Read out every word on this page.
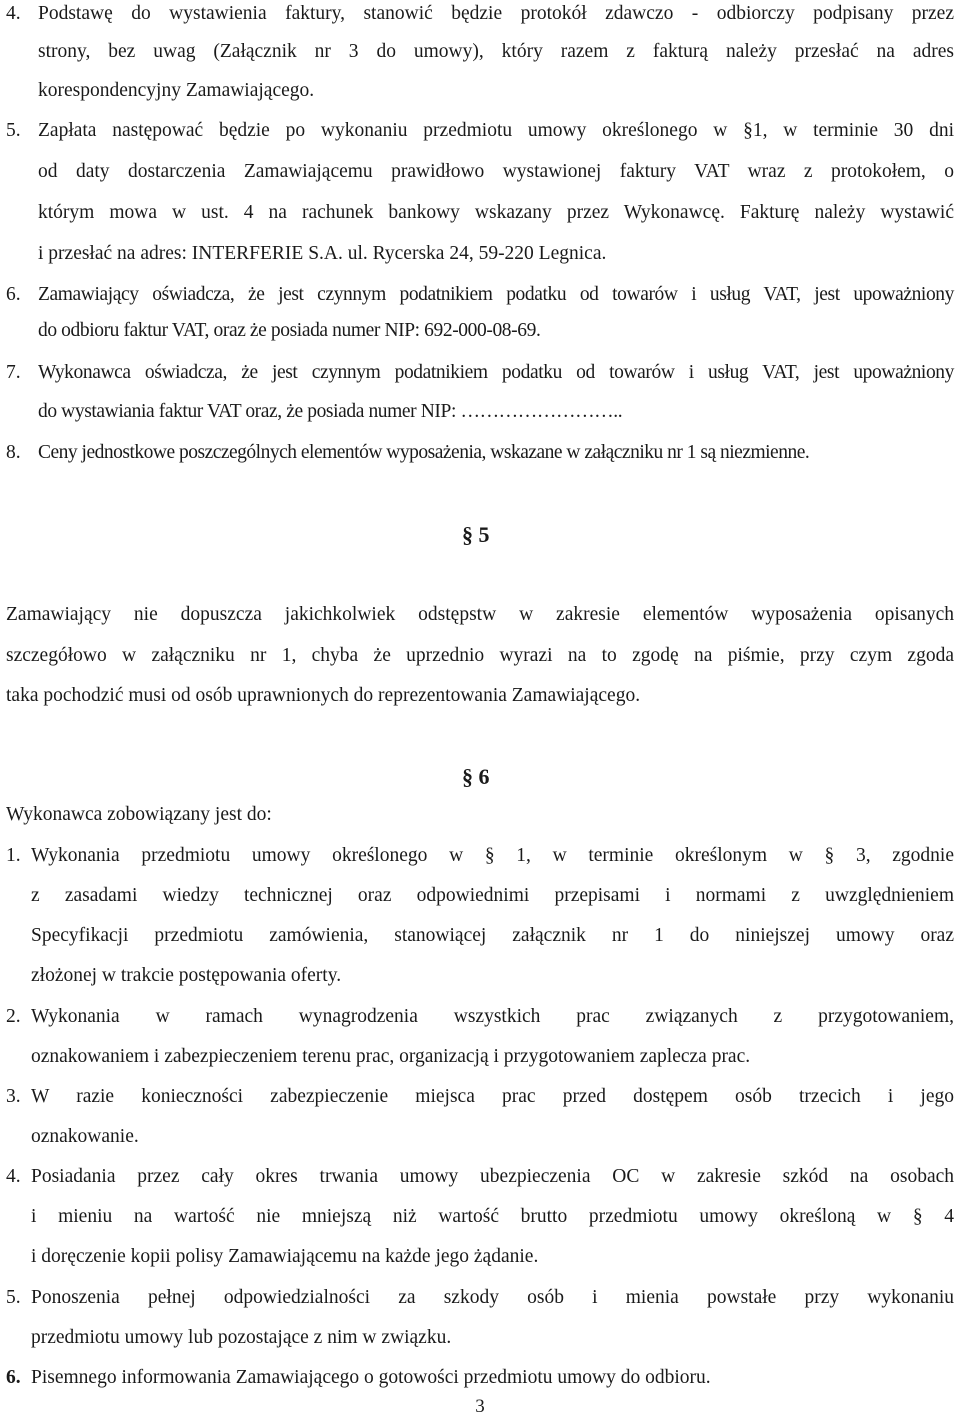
4. Podstawę do wystawienia faktury, stanowić będzie protokół zdawczo - odbiorczy podpisany przez
strony, bez uwag (Załącznik nr 3 do umowy), który razem z fakturą należy przesłać na adres
korespondencyjny Zamawiającego.
5. Zapłata następować będzie po wykonaniu przedmiotu umowy określonego w §1, w terminie 30 dni
od daty dostarczenia Zamawiającemu prawidłowo wystawionej faktury VAT wraz z protokołem, o
którym mowa w ust. 4 na rachunek bankowy wskazany przez Wykonawcę. Fakturę należy wystawić
i przesłać na adres: INTERFERIE S.A. ul. Rycerska 24, 59-220 Legnica.
6. Zamawiający oświadcza, że jest czynnym podatnikiem podatku od towarów i usług VAT, jest upoważniony
do odbioru faktur VAT, oraz że posiada numer NIP: 692-000-08-69.
7. Wykonawca oświadcza, że jest czynnym podatnikiem podatku od towarów i usług VAT, jest upoważniony
do wystawiania faktur VAT oraz, że posiada numer NIP: ……………………..
8. Ceny jednostkowe poszczególnych elementów wyposażenia, wskazane w załączniku nr 1 są niezmienne.
§ 5
Zamawiający nie dopuszcza jakichkolwiek odstępstw w zakresie elementów wyposażenia opisanych
szczegółowo w załączniku nr 1, chyba że uprzednio wyrazi na to zgodę na piśmie, przy czym zgoda
taka pochodzić musi od osób uprawnionych do reprezentowania Zamawiającego.
§ 6
Wykonawca zobowiązany jest do:
1. Wykonania przedmiotu umowy określonego w § 1, w terminie określonym w § 3, zgodnie
z zasadami wiedzy technicznej oraz odpowiednimi przepisami i normami z uwzględnieniem
Specyfikacji przedmiotu zamówienia, stanowiącej załącznik nr 1 do niniejszej umowy oraz
złożonej w trakcie postępowania oferty.
2. Wykonania w ramach wynagrodzenia wszystkich prac związanych z przygotowaniem,
oznakowaniem i zabezpieczeniem terenu prac, organizacją i przygotowaniem zaplecza prac.
3. W razie konieczności zabezpieczenie miejsca prac przed dostępem osób trzecich i jego
oznakowanie.
4. Posiadania przez cały okres trwania umowy ubezpieczenia OC w zakresie szkód na osobach
i mieniu na wartość nie mniejszą niż wartość brutto przedmiotu umowy określoną w § 4
i doręczenie kopii polisy Zamawiającemu na każde jego żądanie.
5. Ponoszenia pełnej odpowiedzialności za szkody osób i mienia powstałe przy wykonaniu
przedmiotu umowy lub pozostające z nim w związku.
6. Pisemnego informowania Zamawiającego o gotowości przedmiotu umowy do odbioru.
3
